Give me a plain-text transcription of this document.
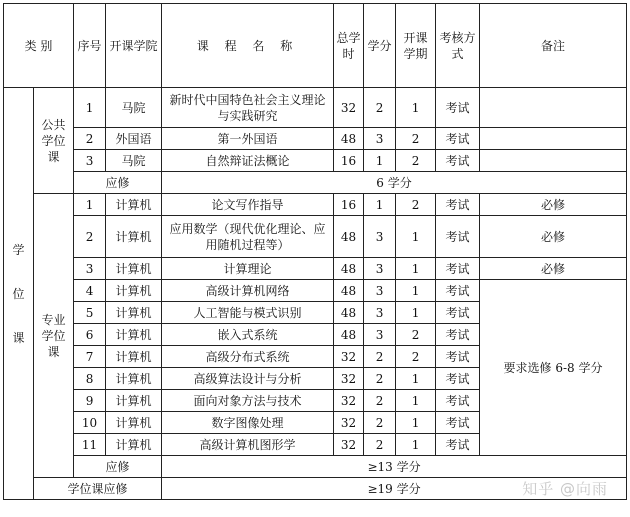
类 别		序号	开课学院	课 程 名 称	总学时	学分	开课学期	考核方式	备注
学
位
课	公共学位课	1	马院	新时代中国特色社会主义理论与实践研究	32	2	1	考试	
		2	外国语	第一外国语	48	3	2	考试	
		3	马院	自然辩证法概论	16	1	2	考试	
		应修		6 学分					
	专业学位课	1	计算机	论文写作指导	16	1	2	考试	必修
		2	计算机	应用数学（现代优化理论、应用随机过程等）	48	3	1	考试	必修
		3	计算机	计算理论	48	3	1	考试	必修
		4	计算机	高级计算机网络	48	3	1	考试	要求选修 6-8 学分
		5	计算机	人工智能与模式识别	48	3	1	考试	
		6	计算机	嵌入式系统	48	3	2	考试	
		7	计算机	高级分布式系统	32	2	2	考试	
		8	计算机	高级算法设计与分析	32	2	1	考试	
		9	计算机	面向对象方法与技术	32	2	1	考试	
		10	计算机	数字图像处理	32	2	1	考试	
		11	计算机	高级计算机图形学	32	2	1	考试	
		应修		≥13 学分					
	学位课应修			≥19 学分						知乎 @向雨
